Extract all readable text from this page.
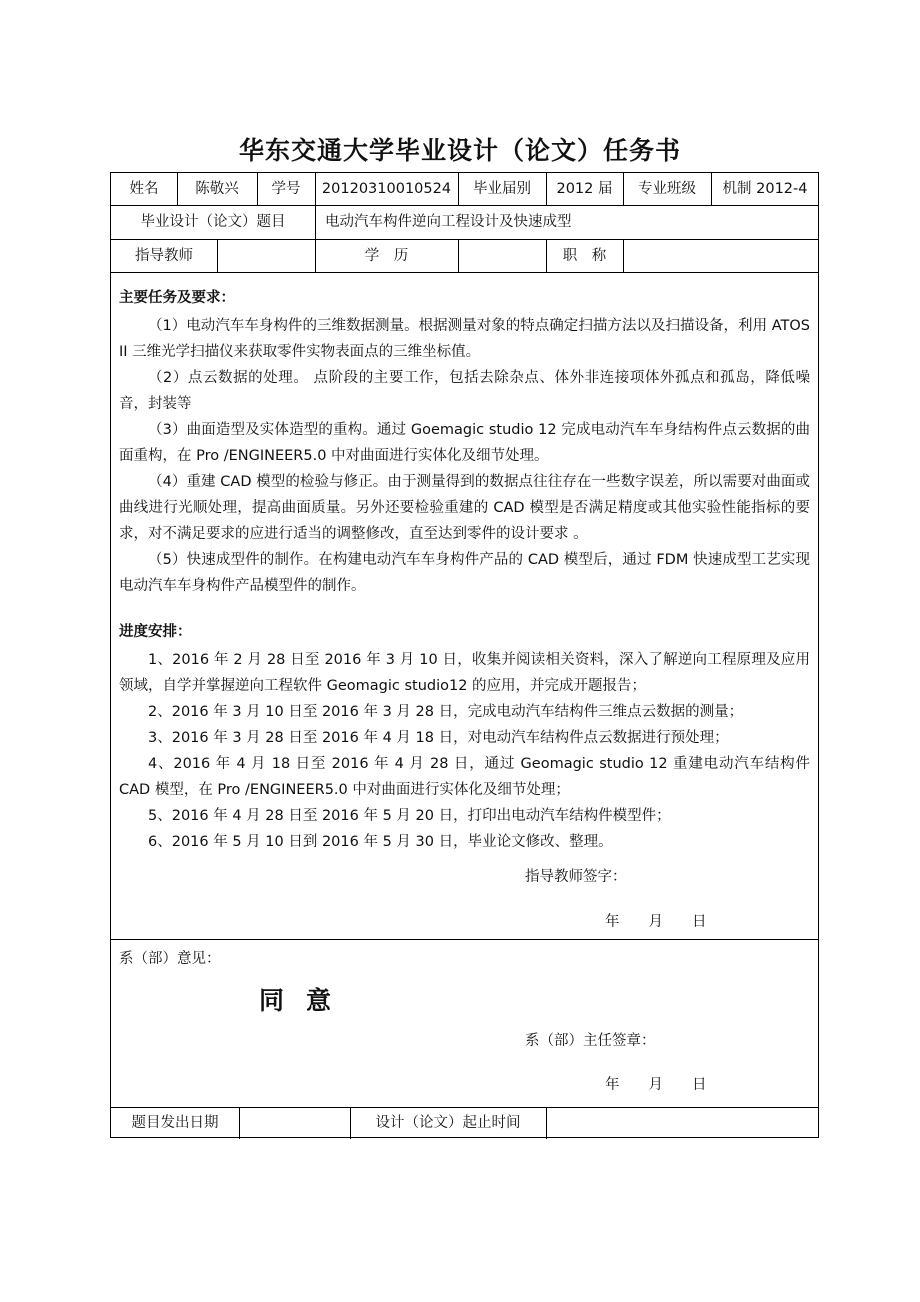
华东交通大学毕业设计（论文）任务书
姓名	陈敬兴	学号	20120310010524	毕业届别	2012 届	专业班级	机制 2012-4
毕业设计（论文）题目	电动汽车构件逆向工程设计及快速成型
指导教师	学　历	职　称
主要任务及要求：

（1）电动汽车车身构件的三维数据测量。根据测量对象的特点确定扫描方法以及扫描设备，利用 ATOS II 三维光学扫描仪来获取零件实物表面点的三维坐标值。

（2）点云数据的处理。 点阶段的主要工作，包括去除杂点、体外非连接项体外孤点和孤岛，降低噪音，封装等

（3）曲面造型及实体造型的重构。通过 Goemagic studio 12 完成电动汽车车身结构件点云数据的曲面重构，在 Pro /ENGINEER5.0 中对曲面进行实体化及细节处理。

（4）重建 CAD 模型的检验与修正。由于测量得到的数据点往往存在一些数字误差，所以需要对曲面或曲线进行光顺处理，提高曲面质量。另外还要检验重建的 CAD 模型是否满足精度或其他实验性能指标的要求，对不满足要求的应进行适当的调整修改，直至达到零件的设计要求 。

（5）快速成型件的制作。在构建电动汽车车身构件产品的 CAD 模型后，通过 FDM 快速成型工艺实现电动汽车车身构件产品模型件的制作。

进度安排：

1、2016 年 2 月 28 日至 2016 年 3 月 10 日，收集并阅读相关资料，深入了解逆向工程原理及应用领域，自学并掌握逆向工程软件 Geomagic studio12 的应用，并完成开题报告；

2、2016 年 3 月 10 日至 2016 年 3 月 28 日，完成电动汽车结构件三维点云数据的测量；

3、2016 年 3 月 28 日至 2016 年 4 月 18 日，对电动汽车结构件点云数据进行预处理；

4、2016 年 4 月 18 日至 2016 年 4 月 28 日，通过 Geomagic studio 12 重建电动汽车结构件 CAD 模型，在 Pro /ENGINEER5.0 中对曲面进行实体化及细节处理；

5、2016 年 4 月 28 日至 2016 年 5 月 20 日，打印出电动汽车结构件模型件；

6、2016 年 5 月 10 日到 2016 年 5 月 30 日，毕业论文修改、整理。

指导教师签字：
年　　月　　日
系（部）意见：
同意
系（部）主任签章：
年　　月　　日
题目发出日期	设计（论文）起止时间
